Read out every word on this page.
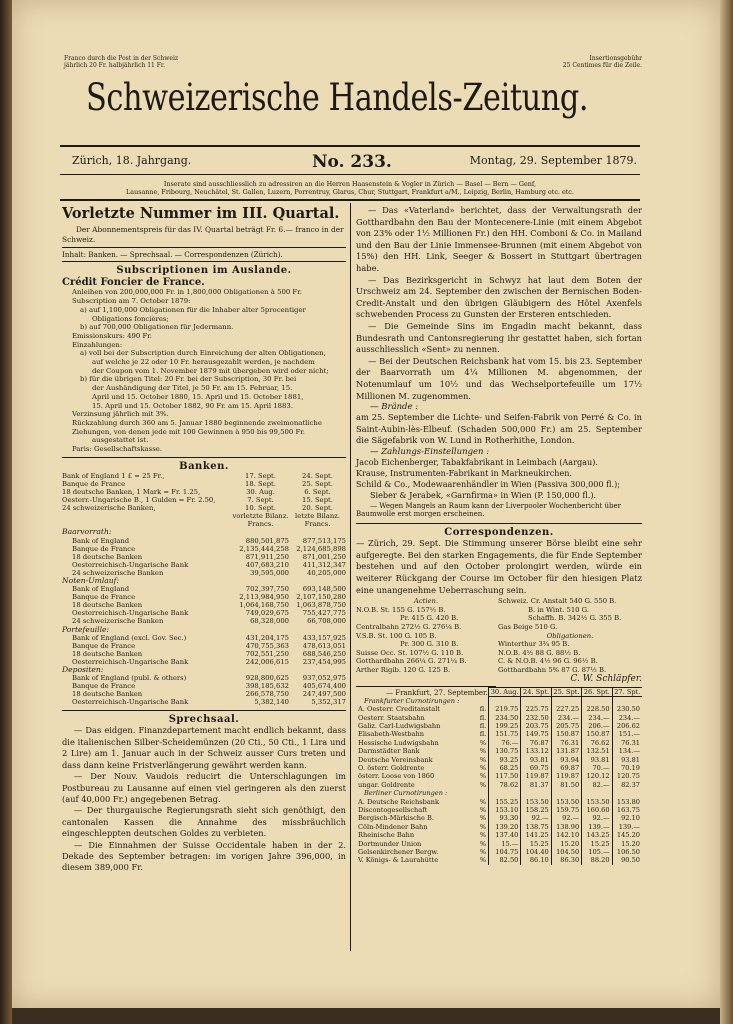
Franco durch die Post in der Schweiz
jährlich 20 Fr. halbjährlich 11 Fr.
Insertionsgebühr
25 Centimes für die Zeile.
Schweizerische Handels-Zeitung.
Zürich, 18. Jahrgang.	No. 233.	Montag, 29. September 1879.
Inserate sind ausschliesslich zu adressiren an die Herren Haasenstein & Vogler in Zürich — Basel — Bern — Genf,
Lausanne, Fribourg, Neuchâtel, St. Gallen, Luzern, Porrentruy, Glarus, Chur, Stuttgart, Frankfurt a/M., Leipzig, Berlin, Hamburg etc. etc.
Vorletzte Nummer im III. Quartal.
Der Abonnementspreis für das IV. Quartal beträgt Fr. 6.— franco in der Schweiz.
Inhalt: Banken. — Sprechsaal. — Correspondenzen (Zürich).
Subscriptionen im Auslande.
Crédit Foncier de France.
Anleihen von 200,000,000 Fr. in 1,800,000 Obligationen à 500 Fr.
Subscription am 7. October 1879:
a) auf 1,100,000 Obligationen für die Inhaber alter 5procentiger
Obligations foncières;
b) auf 700,000 Obligationen für Jedermann.
Emissionskurs: 490 Fr.
Einzahlungen:
a) voll bei der Subscription durch Einreichung der alten Obligationen,
auf welche je 22 oder 10 Fr. herausgezahlt werden, je nachdem
der Coupon vom 1. November 1879 mit übergeben wird oder nicht;
b) für die übrigen Titel: 20 Fr. bei der Subscription, 30 Fr. bei
der Aushändigung der Titel, je 50 Fr. am 15. Februar, 15.
April und 15. October 1880, 15. April und 15. October 1881,
15. April und 15. October 1882, 90 Fr. am 15. April 1883.
Verzinsung jährlich mit 3%.
Rückzahlung durch 360 am 5. Januar 1880 beginnende zweimonatliche
Ziehungen, von denen jede mit 100 Gewinnen à 950 bis 99,500 Fr.
ausgestattet ist.
Paris: Gesellschaftskasse.
Banken.
Bank of England 1 £ = 25 Fr.,	17. Sept.	24. Sept.
Banque de France	18. Sept.	25. Sept.
18 deutsche Banken, 1 Mark = Fr. 1.25,	30. Aug.	6. Sept.
Oesterr.-Ungarische B., 1 Gulden = Fr. 2.50,	7. Sept.	15. Sept.
24 schweizerische Banken,	10. Sept.	20. Sept.
vorletzte Bilanz. letzte Bilanz.
Francs.	Francs.
Baarvorrath:
Bank of England	880,501,875	877,513,175
Banque de France	2,135,444,258	2,124,685,898
18 deutsche Banken	871,911,250	871,001,250
Oesterreichisch-Ungarische Bank	407,683,210	411,312,347
24 schweizerische Banken	39,595,000	40,205,000
Noten-Umlauf:
Bank of England	702,397,750	693,148,500
Banque de France	2,113,984,950	2,107,150,280
18 deutsche Banken	1,064,168,750	1,063,878,750
Oesterreichisch-Ungarische Bank	749,029,675	755,427,775
24 schweizerische Banken	68,328,000	66,708,000
Portefeuille:
Bank of England (excl. Gov. Sec.)	431,204,175	433,157,925
Banque de France	470,755,363	478,613,051
18 deutsche Banken	702,551,250	688,546,250
Oesterreichisch-Ungarische Bank	242,006,615	237,454,995
Depositen:
Bank of England (publ. & others)	928,800,625	937,052,975
Banque de France	398,185,632	405,674,400
18 deutsche Banken	266,578,750	247,497,500
Oesterreichisch-Ungarische Bank	5,382,140	5,352,317
Sprechsaal.

— Das eidgen. Finanzdepartement macht endlich bekannt, dass die italienischen Silber-Scheidemünzen (20 Cti., 50 Cti., 1 Lira und 2 Lire) am 1. Januar auch in der Schweiz ausser Curs treten und dass dann keine Fristverlängerung gewährt werden kann.

— Der Nouv. Vaudois reducirt die Unterschlagungen im Postbureau zu Lausanne auf einen viel geringeren als den zuerst (auf 40,000 Fr.) angegebenen Betrag.

— Der thurgauische Regierungsrath sieht sich genöthigt, den cantonalen Kassen die Annahme des missbräuchlich eingeschleppten deutschen Goldes zu verbieten.

— Die Einnahmen der Suisse Occidentale haben in der 2. Dekade des September betragen: im vorigen Jahre 396,000, in diesem 389,000 Fr.

— Das «Vaterland» berichtet, dass der Verwaltungsrath der Gotthardbahn den Bau der Montecenere-Linie (mit einem Abgebot von 23% oder 1½ Millionen Fr.) den HH. Comboni & Co. in Mailand und den Bau der Linie Immensee-Brunnen (mit einem Abgebot von 15%) den HH. Link, Seeger & Bossert in Stuttgart übertragen habe.

— Das Bezirksgericht in Schwyz hat laut dem Boten der Urschweiz am 24. September den zwischen der Bernischen Boden-Credit-Anstalt und den übrigen Gläubigern des Hôtel Axenfels schwebenden Process zu Gunsten der Ersteren entschieden.

— Die Gemeinde Sins im Engadin macht bekannt, dass Bundesrath und Cantonsregierung ihr gestattet haben, sich fortan ausschliesslich «Sent» zu nennen.

— Bei der Deutschen Reichsbank hat vom 15. bis 23. September der Baarvorrath um 4¼ Millionen M. abgenommen, der Notenumlauf um 10½ und das Wechselportefeuille um 17½ Millionen M. zugenommen.

— Brände :
am 25. September die Lichte- und Seifen-Fabrik von Perré & Co. in Saint-Aubin-lès-Elbeuf. (Schaden 500,000 Fr.) am 25. September die Sägefabrik von W. Lund in Rotherhithe, London.
— Zahlungs-Einstellungen :
Jacob Eichenberger, Tabakfabrikant in Leimbach (Aargau).
Krause, Instrumenten-Fabrikant in Markneukirchen.
Schild & Co., Modewaarenhändler in Wien (Passiva 300,000 fl.);
Sieber & Jerabek, «Garnfirma» in Wien (P. 150,000 fl.).
— Wegen Mangels an Raum kann der Liverpooler Wochenbericht über Baumwolle erst morgen erscheinen.
Correspondenzen.
— Zürich, 29. Sept. Die Stimmung unserer Börse bleibt eine sehr aufgeregte. Bei den starken Engagements, die für Ende September bestehen und auf den October prolongirt werden, würde ein weiterer Rückgang der Course im October für den hiesigen Platz eine unangenehme Ueberraschung sein.
Actien.
N.O.B. St. 155 G. 157½ B.
Pr. 415 G. 420 B.
Centralbahn 272½ G. 276¼ B.
V.S.B. St. 100 G. 105 B.
Pr. 300 G. 310 B.
Suisse Occ. St. 107½ G. 110 B.
Gotthardbahn 266¼ G. 271¼ B.
Arther Rigib. 120 G. 125 B.
Schweiz. Cr. Anstalt 540 G. 550 B.
B. in Wint. 510 G.
Schaffh. B. 342½ G. 355 B.
Gas Beige 510 G.
Obligationen.
Winterthur 3¾ 95 B.
N.O.B. 4½ 88 G. 88½ B.
C. & N.O.B. 4½ 96 G. 96½ B.
Gotthardbahn 5% 87 G. 87½ B.
C. W. Schläpfer.
— Frankfurt, 27. September.
		30. Aug.	24. Spt.	25. Spt.	26. Spt.	27. Spt.
Frankfurter Curnotirungen :						
A. Oesterr. Creditanstalt	fl.	219.75	225.75	227.25	228.50	230.50
Oesterr. Staatsbahn	fl.	234.50	232.50	234.—	234.—	234.—
Galiz. Carl-Ludwigsbahn	fl.	199.25	203.75	205.75	206.—	206.62
Elisabeth-Westbahn	fl.	151.75	149.75	150.87	150.87	151.—
Hessische Ludwigsbahn	%	76.—	76.87	76.31	76.62	76.31
Darmstädter Bank	%	130.75	133.12	131.87	132.51	134.—
Deutsche Vereinsbank	%	93.25	93.81	93.94	93.81	93.81
O. österr. Goldrente	%	68.25	69.75	69.87	70.—	70.19
österr. Loose von 1860	%	117.50	119.87	119.87	120.12	120.75
ungar. Goldrente	%	78.62	81.37	81.50	82.—	82.37
Berliner Curnotirungen :						
A. Deutsche Reichsbank	%	155.25	153.50	153.50	153.50	153.80
Discontogesellschaft	%	153.10	158.25	159.75	160.60	163.75
Bergisch-Märkische B.	%	93.30	92.—	92.—	92.—	92.10
Cöln-Mindener Bahn	%	139.20	138.75	138.90	139.—	139.—
Rheinische Bahn	%	137.40	141.25	142.10	143.25	145.20
Dortmunder Union	%	15.—	15.25	15.20	15.25	15.20
Gelsenkirchener Bergw.	%	104.75	104.40	104.50	105.—	106.50
V. Königs- & Laurahütte	%	82.50	86.10	86.30	88.20	90.50
